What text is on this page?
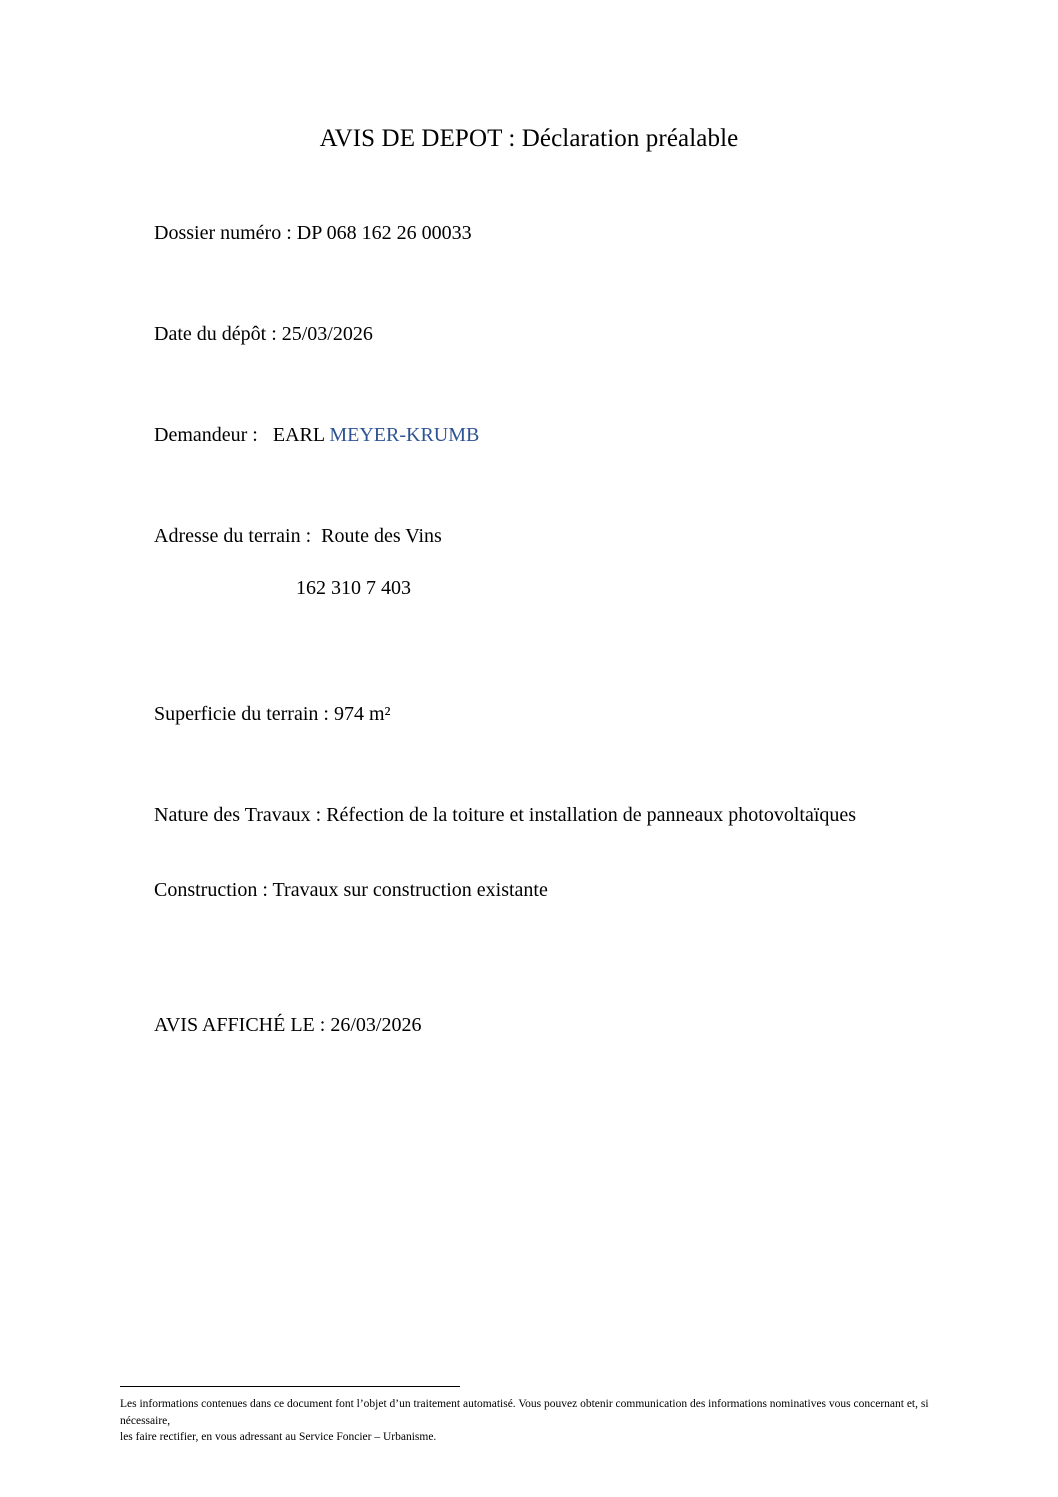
AVIS DE DEPOT : Déclaration préalable

Dossier numéro : DP 068 162 26 00033

Date du dépôt : 25/03/2026

Demandeur :   EARL MEYER-KRUMB

Adresse du terrain :  Route des Vins

162 310 7 403

Superficie du terrain : 974 m²

Nature des Travaux : Réfection de la toiture et installation de panneaux photovoltaïques

Construction : Travaux sur construction existante

AVIS AFFICHÉ LE : 26/03/2026

Les informations contenues dans ce document font l’objet d’un traitement automatisé. Vous pouvez obtenir communication des informations nominatives vous concernant et, si nécessaire,
les faire rectifier, en vous adressant au Service Foncier – Urbanisme.
